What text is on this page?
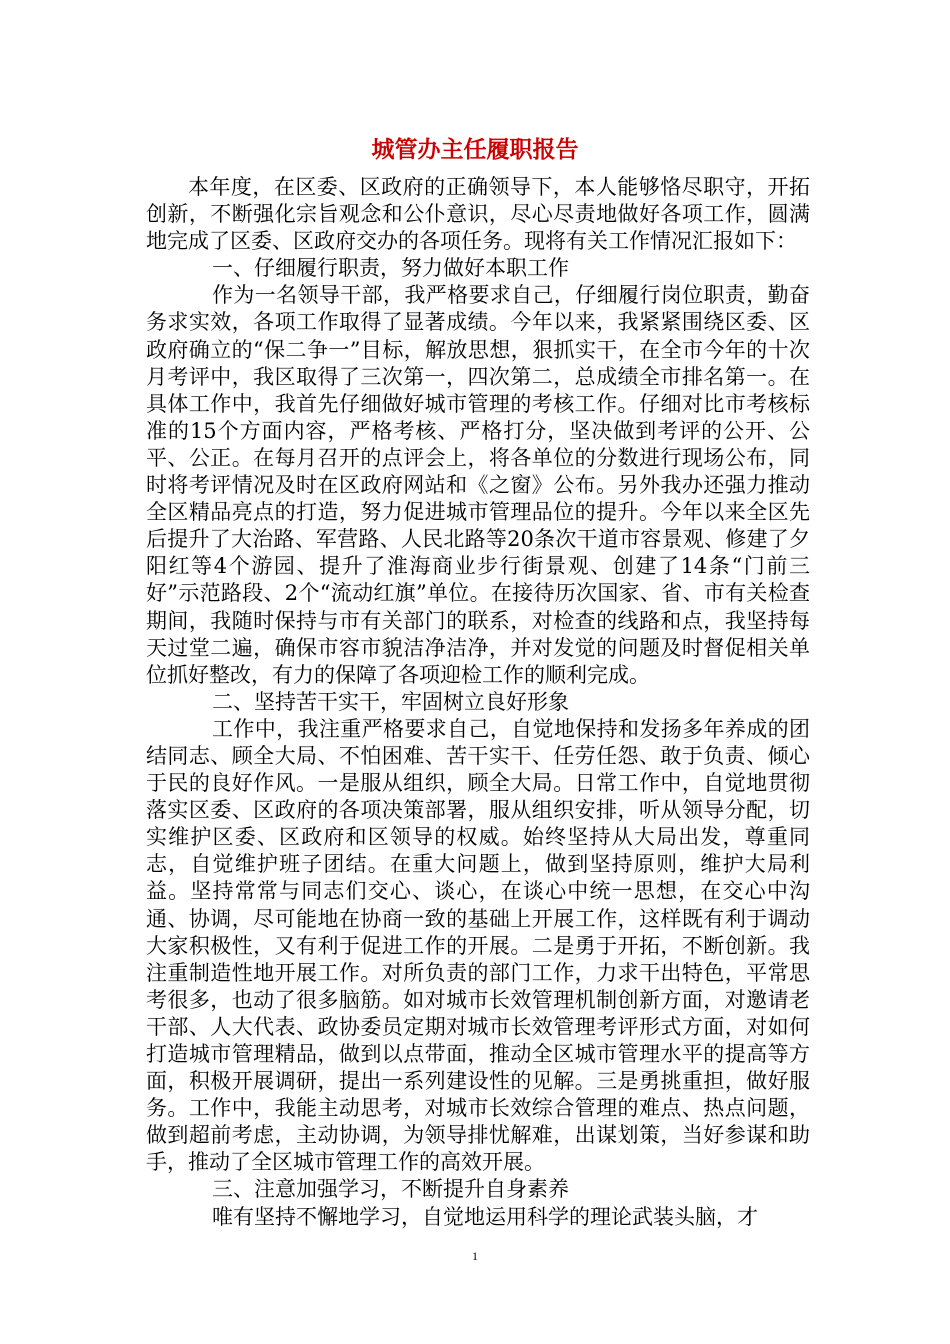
城管办主任履职报告

本年度，在区委、区政府的正确领导下，本人能够恪尽职守，开拓创新，不断强化宗旨观念和公仆意识，尽心尽责地做好各项工作，圆满地完成了区委、区政府交办的各项任务。现将有关工作情况汇报如下：

一、仔细履行职责，努力做好本职工作

作为一名领导干部，我严格要求自己，仔细履行岗位职责，勤奋务求实效，各项工作取得了显著成绩。今年以来，我紧紧围绕区委、区政府确立的“保二争一”目标，解放思想，狠抓实干，在全市今年的十次月考评中，我区取得了三次第一，四次第二，总成绩全市排名第一。在具体工作中，我首先仔细做好城市管理的考核工作。仔细对比市考核标准的15个方面内容，严格考核、严格打分，坚决做到考评的公开、公平、公正。在每月召开的点评会上，将各单位的分数进行现场公布，同时将考评情况及时在区政府网站和《之窗》公布。另外我办还强力推动全区精品亮点的打造，努力促进城市管理品位的提升。今年以来全区先后提升了大治路、军营路、人民北路等20条次干道市容景观、修建了夕阳红等4个游园、提升了淮海商业步行街景观、创建了14条“门前三好”示范路段、2个“流动红旗”单位。在接待历次国家、省、市有关检查期间，我随时保持与市有关部门的联系，对检查的线路和点，我坚持每天过堂二遍，确保市容市貌洁净洁净，并对发觉的问题及时督促相关单位抓好整改，有力的保障了各项迎检工作的顺利完成。

二、坚持苦干实干，牢固树立良好形象

工作中，我注重严格要求自己，自觉地保持和发扬多年养成的团结同志、顾全大局、不怕困难、苦干实干、任劳任怨、敢于负责、倾心于民的良好作风。一是服从组织，顾全大局。日常工作中，自觉地贯彻落实区委、区政府的各项决策部署，服从组织安排，听从领导分配，切实维护区委、区政府和区领导的权威。始终坚持从大局出发，尊重同志，自觉维护班子团结。在重大问题上，做到坚持原则，维护大局利益。坚持常常与同志们交心、谈心，在谈心中统一思想，在交心中沟通、协调，尽可能地在协商一致的基础上开展工作，这样既有利于调动大家积极性，又有利于促进工作的开展。二是勇于开拓，不断创新。我注重制造性地开展工作。对所负责的部门工作，力求干出特色，平常思考很多，也动了很多脑筋。如对城市长效管理机制创新方面，对邀请老干部、人大代表、政协委员定期对城市长效管理考评形式方面，对如何打造城市管理精品，做到以点带面，推动全区城市管理水平的提高等方面，积极开展调研，提出一系列建设性的见解。三是勇挑重担，做好服务。工作中，我能主动思考，对城市长效综合管理的难点、热点问题，做到超前考虑，主动协调，为领导排忧解难，出谋划策，当好参谋和助手，推动了全区城市管理工作的高效开展。

三、注意加强学习，不断提升自身素养

唯有坚持不懈地学习，自觉地运用科学的理论武装头脑，才

1
